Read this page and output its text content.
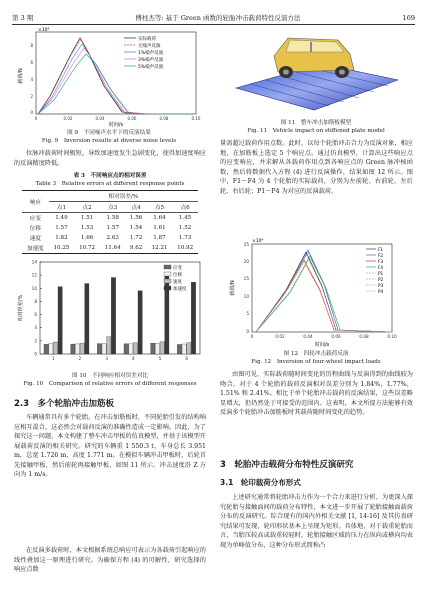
第 3 期	傅柱杰等: 基于 Green 函数的轮胎冲击载荷特性反演方法	169
×10⁴
载荷/N
时间/s
0
2
4
6
8
0	0.02	0.04	0.06	0.08	0.10
实际载荷
无噪声反演
1%噪声反演
3%噪声反演
5%噪声反演
图 9　不同噪声水平下的反演结果
Fig. 9　Inversion results at diverse noise levels
位脉冲载荷时间极短，导致加速度发生急剧变化，使得加速度响应的反演精度降低。
表 3　不同响应点的相对误差
Table 3　Relative errors at different response points
响应	相对误差/%					
	点1	点2	点3	点4	点5	点6
应变	1.49	1.51	1.58	1.56	1.64	1.45
位移	1.57	1.53	1.57	1.54	1.61	1.52
速度	1.82	1.66	2.63	1.72	1.87	1.73
加速度	10.25	10.72	11.64	9.62	12.21	10.92
相对误差/%
0
2
4
6
8
10
12
14
1	2	3	4	5	6
应变
位移
速度
加速度
图 10　不同响应相对误差对比
Fig. 10　Comparison of relative errors of different responses
2.3　多个轮胎冲击加筋板
车辆通常具有多个轮胎，在冲击加筋板时，不同轮胎引发的结构响应相互混合，这必然会对载荷反演的准确性造成一定影响。因此，为了探究这一问题，本文构建了整车冲击甲板的仿真模型，并基于该模型开展载荷反演的相关研究。研究的车辆重 1 550.3 t，车身总长 3.951 m，总宽 1.726 m，高度 1.771 m。在模拟车辆冲击甲板时，后轮首先接触甲板，然后前轮再接触甲板，如图 11 所示。冲击速度沿 Z 方向为 1 m/s。
在反演多载荷时，本文根据系统总响应可表示为各载荷引起响应的线性叠加这一原理进行研究。为确保方程 (4) 的可解性，研究选择的响应点数
图 11　整车冲击加筋板模型
Fig. 11　Vehicle impact on stiffened plate model
量需超过载荷作用点数。此时，以每个轮胎冲击合力为反演对象，相应地，在加筋板上选定 5 个响应点。通过仿真模型，计算出这些响应点的应变响应，并求解从各载荷作用点到各响应点的 Green 脉冲核函数，然后将数据代入方程 (4) 进行反演操作，结果如图 12 所示。图中，F1～F4 为 4 个轮胎的实际载荷，分别为左前轮、右前轮、左后轮、右后轮；P1～P4 为对应的反演载荷。
×10⁴
载荷/N
时间/s
0
5
10
15
20
25
0	0.02	0.04	0.06	0.08	0.10
F1
F2
F3
F4
P1
P2
P3
P4
图 12　四轮冲击载荷反演
Fig. 12　Inversion of four-wheel impact loads
由图可见，实际载荷随时间变化的历程曲线与反演得到的曲线较为吻合，对于 4 个轮胎的载荷反演相对误差分别为 1.84%，1.77%，1.51% 和 2.41%。相比于单个轮胎冲击载荷的反演结果，这些误差略显增大，但仍然处于可接受的范围内。这表明，本文所提方法能够有效反演多个轮胎冲击加筋板时其载荷随时间变化的趋势。
3　轮胎冲击载荷分布特性反演研究
3.1　轮印载荷分布形式
上述研究通常将轮胎冲击力作为一个合力来进行分析。为更深入探究轮胎与接触面间的载荷分布特性，本文进一步开展了轮胎接触面载荷分布的反演研究。综合现有的国内外相关文献 [1, 14-16] 及其仿真研究结果可发现，轮印形状基本上呈现为矩形。具体地，对于载重轮胎而言，当胎压较高或载重较轻时，轮胎接触区域的压力在纵向或横向均表现为单峰值分布，这种分布形式简称凸
